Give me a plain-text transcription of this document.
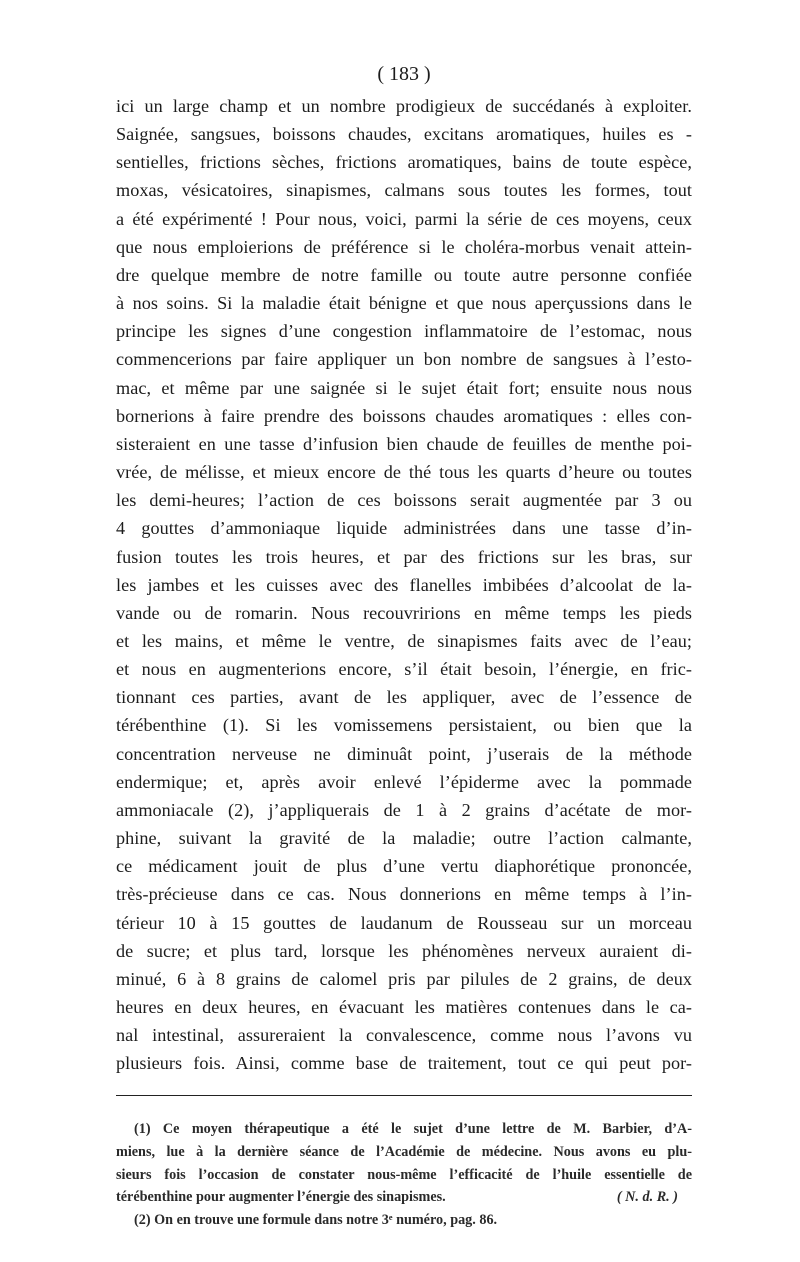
( 183 )
ici un large champ et un nombre prodigieux de succédanés à exploiter.
Saignée, sangsues, boissons chaudes, excitans aromatiques, huiles es -
sentielles, frictions sèches, frictions aromatiques, bains de toute espèce,
moxas, vésicatoires, sinapismes, calmans sous toutes les formes, tout
a été expérimenté ! Pour nous, voici, parmi la série de ces moyens, ceux
que nous emploierions de préférence si le choléra-morbus venait attein-
dre quelque membre de notre famille ou toute autre personne confiée
à nos soins. Si la maladie était bénigne et que nous aperçussions dans le
principe les signes d’une congestion inflammatoire de l’estomac, nous
commencerions par faire appliquer un bon nombre de sangsues à l’esto-
mac, et même par une saignée si le sujet était fort; ensuite nous nous
bornerions à faire prendre des boissons chaudes aromatiques : elles con-
sisteraient en une tasse d’infusion bien chaude de feuilles de menthe poi-
vrée, de mélisse, et mieux encore de thé tous les quarts d’heure ou toutes
les demi-heures; l’action de ces boissons serait augmentée par 3 ou
4 gouttes d’ammoniaque liquide administrées dans une tasse d’in-
fusion toutes les trois heures, et par des frictions sur les bras, sur
les jambes et les cuisses avec des flanelles imbibées d’alcoolat de la-
vande ou de romarin. Nous recouvririons en même temps les pieds
et les mains, et même le ventre, de sinapismes faits avec de l’eau;
et nous en augmenterions encore, s’il était besoin, l’énergie, en fric-
tionnant ces parties, avant de les appliquer, avec de l’essence de
térébenthine (1). Si les vomissemens persistaient, ou bien que la
concentration nerveuse ne diminuât point, j’userais de la méthode
endermique; et, après avoir enlevé l’épiderme avec la pommade
ammoniacale (2), j’appliquerais de 1 à 2 grains d’acétate de mor-
phine, suivant la gravité de la maladie; outre l’action calmante,
ce médicament jouit de plus d’une vertu diaphorétique prononcée,
très-précieuse dans ce cas. Nous donnerions en même temps à l’in-
térieur 10 à 15 gouttes de laudanum de Rousseau sur un morceau
de sucre; et plus tard, lorsque les phénomènes nerveux auraient di-
minué, 6 à 8 grains de calomel pris par pilules de 2 grains, de deux
heures en deux heures, en évacuant les matières contenues dans le ca-
nal intestinal, assureraient la convalescence, comme nous l’avons vu
plusieurs fois. Ainsi, comme base de traitement, tout ce qui peut por-
(1) Ce moyen thérapeutique a été le sujet d’une lettre de M. Barbier, d’A-
miens, lue à la dernière séance de l’Académie de médecine. Nous avons eu plu-
sieurs fois l’occasion de constater nous-même l’efficacité de l’huile essentielle de
térébenthine pour augmenter l’énergie des sinapismes.	( N. d. R. )
(2) On en trouve une formule dans notre 3ᵉ numéro, pag. 86.
